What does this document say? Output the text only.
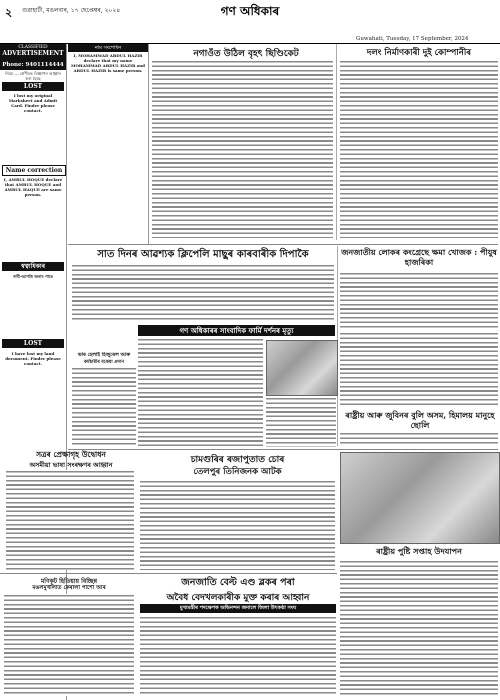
২ গুৱাহাটী, মঙলবাৰ, ১৭ ছেপ্তেম্বৰ, ২০২৪	গণ অধিকাৰ
Guwahati, Tuesday, 17 September, 2024
CLASSIFIED
ADVERTISEMENT
Phone: 9401114444
নিয়ম — শ্ৰেণীবদ্ধ বিজ্ঞাপন আহ্বান কৰা হৈছে
LOST
I lost my original Marksheet and Admit Card. Finder please contact.
Name correction
I, AMRUL HOQUE declare that AMRUL HOQUE and AMRUL HAQUE are same person.
স্বত্বাধিকাৰ
দাবী-আপত্তি জনাব পাৰে
LOST
I have lost my land document. Finder please contact.
নাম সংশোধন
I, MOHAMMAD ABDUL HAZIR declare that my name MOHAMMAD ABDUL HAZIR and ABDUL HAZIR is same person.
নগাওঁত উঠিল বৃহৎ ছিণ্ডিকেট	দলং নিৰ্মাণকাৰী দুই কোম্পানীৰ
সাত দিনৰ আৱশ্যক ক্লিপেলি মাছুৰ কাৰবাৰীক দিপাকৈ	জনজাতীয় লোকৰ কংগ্ৰেছে ক্ষমা খোজক : পীযুষ হাজৰিকা
গণ অধিকাৰৰ সাংবাদিক ফাৰ্মি দৰ্শনৰ মৃত্যু
ভাৰ হেলাই হিজুৰেল আৰু
কৰ্মচাৰীৰ বকেয়া প্ৰদান
ৰাষ্ট্ৰীয় আৰু জুবিনৰ বুলি অসম, হিমালয় মানুহে ছোলি
সত্ৰৰ প্ৰেক্ষাগৃহ উদ্বোধন
অসমীয়া ভাষা সংৰক্ষণৰ আহ্বান	চামগুৰিৰ ৰজাপুতাত চোৰ
তেলপুৰ তিনিজনক আটক
ৰাষ্ট্ৰীয় পুষ্টি সপ্তাহ উদযাপন
মণিকূট হিতিয়ায় বিচ্ছিন্ন
মঙলমুখীলতি কেৰালা পাৰ্শো আৰ	জনজাতি বেল্ট এণ্ড ব্লকৰ পৰা
অবৈধ বেদখলকাৰীক মুক্ত কৰাৰ আহ্বান
মুখ্যমন্ত্ৰীৰ পদক্ষেপক অভিনন্দন জনালে জিলা উৎকণ্ঠা সংঘ
